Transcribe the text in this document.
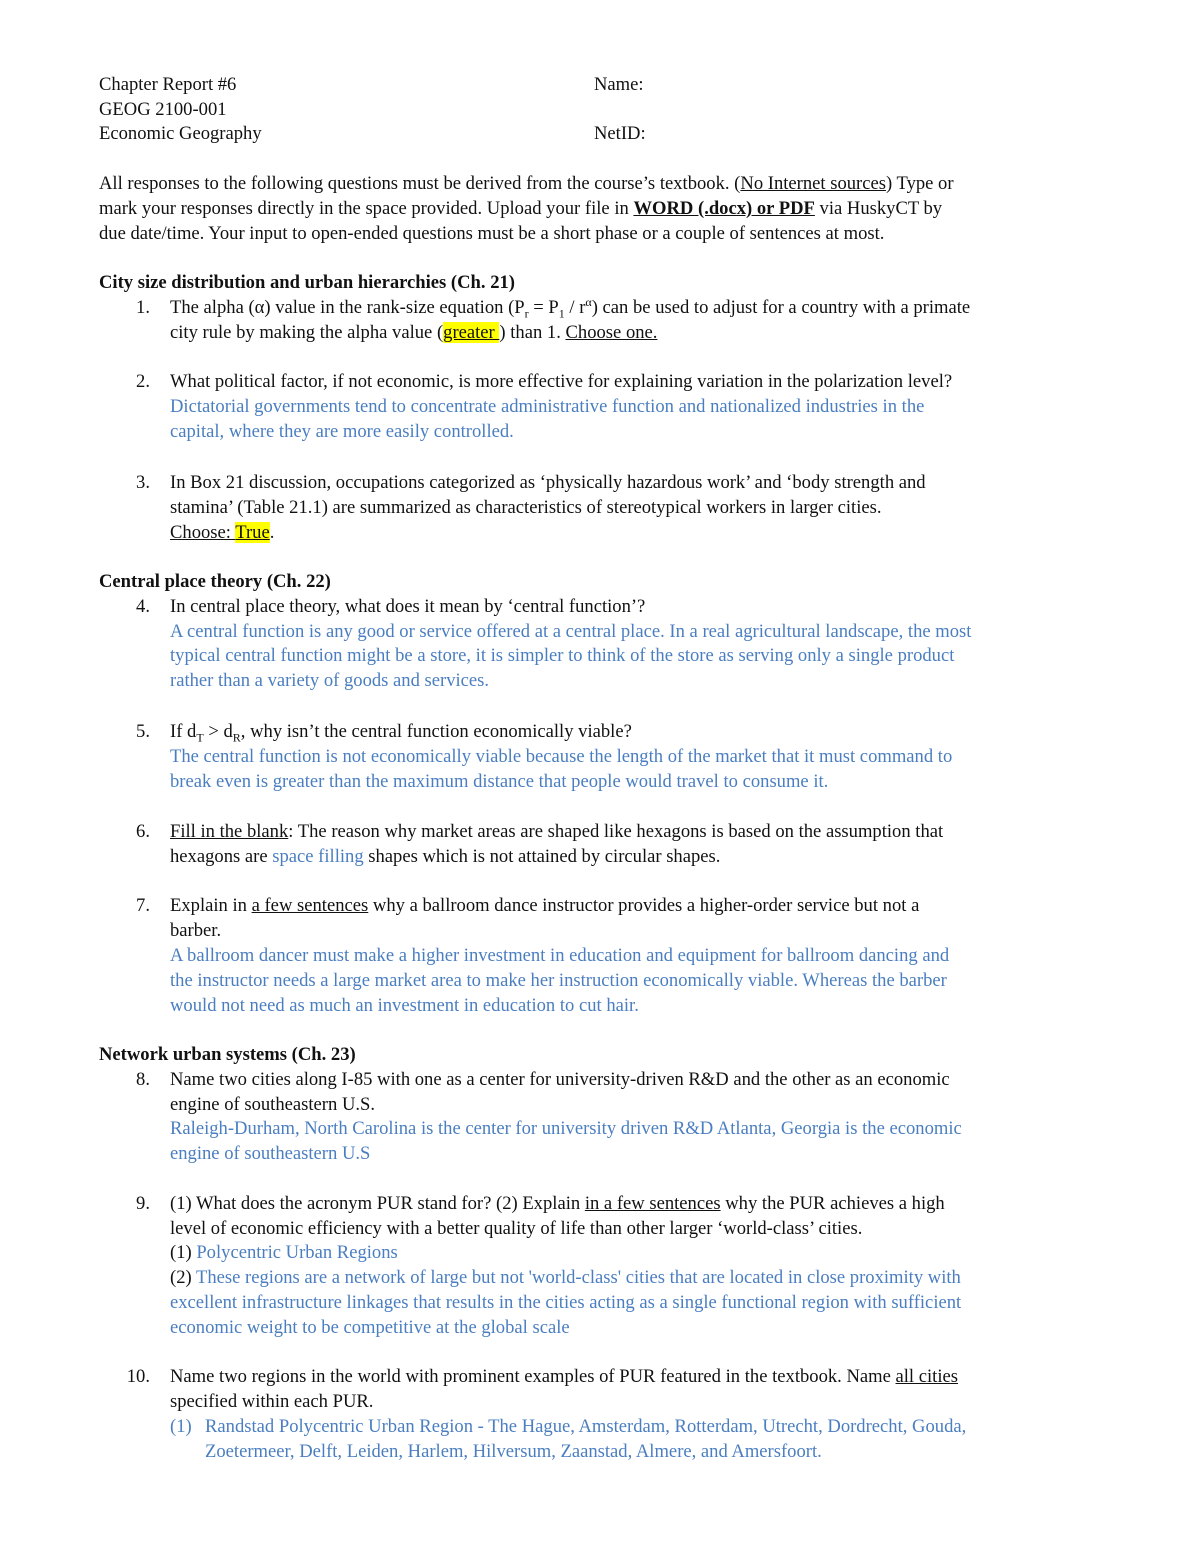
Chapter Report #6
GEOG 2100-001
Economic Geography
Name:
NetID:
All responses to the following questions must be derived from the course’s textbook. (No Internet sources) Type or
mark your responses directly in the space provided. Upload your file in WORD (.docx) or PDF via HuskyCT by
due date/time. Your input to open-ended questions must be a short phase or a couple of sentences at most.
City size distribution and urban hierarchies (Ch. 21)
1. The alpha (α) value in the rank-size equation $(P_r = P_1 / r^\alpha)$ can be used to adjust for a country with a primate
city rule by making the alpha value (greater ) than 1. Choose one.
2. What political factor, if not economic, is more effective for explaining variation in the polarization level?
Dictatorial governments tend to concentrate administrative function and nationalized industries in the
capital, where they are more easily controlled.
3. In Box 21 discussion, occupations categorized as ‘physically hazardous work’ and ‘body strength and
stamina’ (Table 21.1) are summarized as characteristics of stereotypical workers in larger cities.
Choose: True.
Central place theory (Ch. 22)
4. In central place theory, what does it mean by ‘central function’?
A central function is any good or service offered at a central place. In a real agricultural landscape, the most
typical central function might be a store, it is simpler to think of the store as serving only a single product
rather than a variety of goods and services.
5. If $d_T > d_R$, why isn’t the central function economically viable?
The central function is not economically viable because the length of the market that it must command to
break even is greater than the maximum distance that people would travel to consume it.
6. Fill in the blank: The reason why market areas are shaped like hexagons is based on the assumption that
hexagons are space filling shapes which is not attained by circular shapes.
7. Explain in a few sentences why a ballroom dance instructor provides a higher-order service but not a
barber.
A ballroom dancer must make a higher investment in education and equipment for ballroom dancing and
the instructor needs a large market area to make her instruction economically viable. Whereas the barber
would not need as much an investment in education to cut hair.
Network urban systems (Ch. 23)
8. Name two cities along I-85 with one as a center for university-driven R&D and the other as an economic
engine of southeastern U.S.
Raleigh-Durham, North Carolina is the center for university driven R&D Atlanta, Georgia is the economic
engine of southeastern U.S
9. (1) What does the acronym PUR stand for? (2) Explain in a few sentences why the PUR achieves a high
level of economic efficiency with a better quality of life than other larger ‘world-class’ cities.
(1) Polycentric Urban Regions
(2) These regions are a network of large but not 'world-class' cities that are located in close proximity with
excellent infrastructure linkages that results in the cities acting as a single functional region with sufficient
economic weight to be competitive at the global scale
10. Name two regions in the world with prominent examples of PUR featured in the textbook. Name all cities
specified within each PUR.
(1) Randstad Polycentric Urban Region - The Hague, Amsterdam, Rotterdam, Utrecht, Dordrecht, Gouda,
Zoetermeer, Delft, Leiden, Harlem, Hilversum, Zaanstad, Almere, and Amersfoort.
